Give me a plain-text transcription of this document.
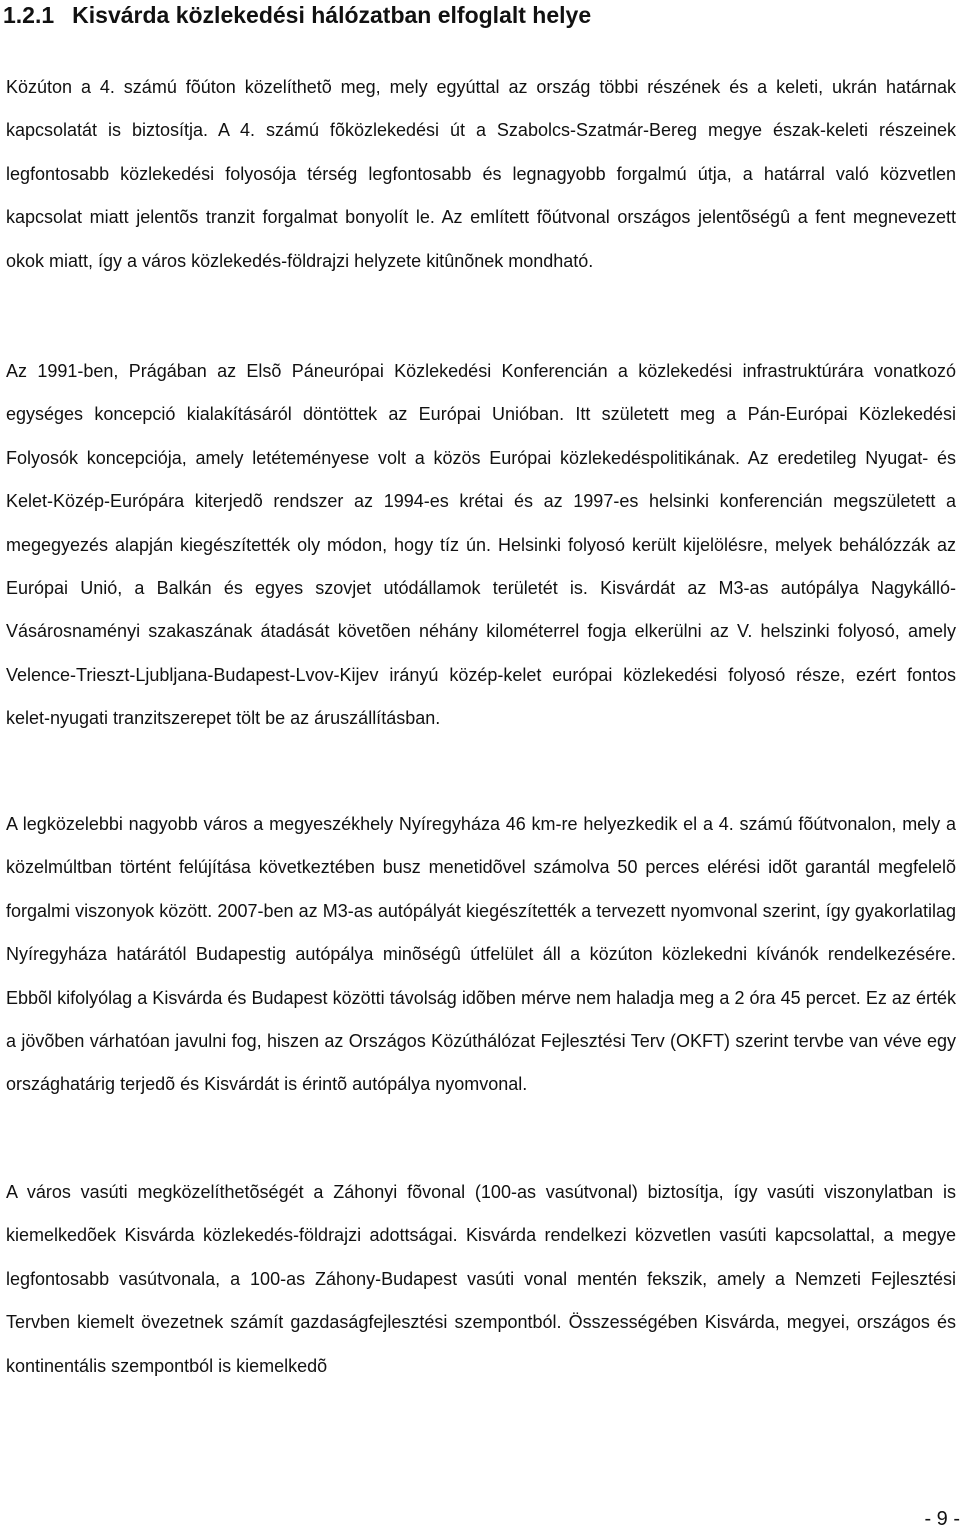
1.2.1 Kisvárda közlekedési hálózatban elfoglalt helye

Közúton a 4. számú fõúton közelíthetõ meg, mely egyúttal az ország többi részének és a keleti, ukrán határnak kapcsolatát is biztosítja. A 4. számú fõközlekedési út a Szabolcs-Szatmár-Bereg megye észak-keleti részeinek legfontosabb közlekedési folyosója térség legfontosabb és legnagyobb forgalmú útja, a határral való közvetlen kapcsolat miatt jelentõs tranzit forgalmat bonyolít le. Az említett fõútvonal országos jelentõségû a fent megnevezett okok miatt, így a város közlekedés-földrajzi helyzete kitûnõnek mondható.

Az 1991-ben, Prágában az Elsõ Páneurópai Közlekedési Konferencián a közlekedési infrastruktúrára vonatkozó egységes koncepció kialakításáról döntöttek az Európai Unióban. Itt született meg a Pán-Európai Közlekedési Folyosók koncepciója, amely letéteményese volt a közös Európai közlekedéspolitikának. Az eredetileg Nyugat- és Kelet-Közép-Európára kiterjedõ rendszer az 1994-es krétai és az 1997-es helsinki konferencián megszületett a megegyezés alapján kiegészítették oly módon, hogy tíz ún. Helsinki folyosó került kijelölésre, melyek behálózzák az Európai Unió, a Balkán és egyes szovjet utódállamok területét is. Kisvárdát az M3-as autópálya Nagykálló-Vásárosnaményi szakaszának átadását követõen néhány kilométerrel fogja elkerülni az V. helszinki folyosó, amely Velence-Trieszt-Ljubljana-Budapest-Lvov-Kijev irányú közép-kelet európai közlekedési folyosó része, ezért fontos kelet-nyugati tranzitszerepet tölt be az áruszállításban.

A legközelebbi nagyobb város a megyeszékhely Nyíregyháza 46 km-re helyezkedik el a 4. számú fõútvonalon, mely a közelmúltban történt felújítása következtében busz menetidõvel számolva 50 perces elérési idõt garantál megfelelõ forgalmi viszonyok között. 2007-ben az M3-as autópályát kiegészítették a tervezett nyomvonal szerint, így gyakorlatilag Nyíregyháza határától Budapestig autópálya minõségû útfelület áll a közúton közlekedni kívánók rendelkezésére. Ebbõl kifolyólag a Kisvárda és Budapest közötti távolság idõben mérve nem haladja meg a 2 óra 45 percet. Ez az érték a jövõben várhatóan javulni fog, hiszen az Országos Közúthálózat Fejlesztési Terv (OKFT) szerint tervbe van véve egy országhatárig terjedõ és Kisvárdát is érintõ autópálya nyomvonal.

A város vasúti megközelíthetõségét a Záhonyi fõvonal (100-as vasútvonal) biztosítja, így vasúti viszonylatban is kiemelkedõek Kisvárda közlekedés-földrajzi adottságai. Kisvárda rendelkezi közvetlen vasúti kapcsolattal, a megye legfontosabb vasútvonala, a 100-as Záhony-Budapest vasúti vonal mentén fekszik, amely a Nemzeti Fejlesztési Tervben kiemelt övezetnek számít gazdaságfejlesztési szempontból. Összességében Kisvárda, megyei, országos és kontinentális szempontból is kiemelkedõ

- 9 -
